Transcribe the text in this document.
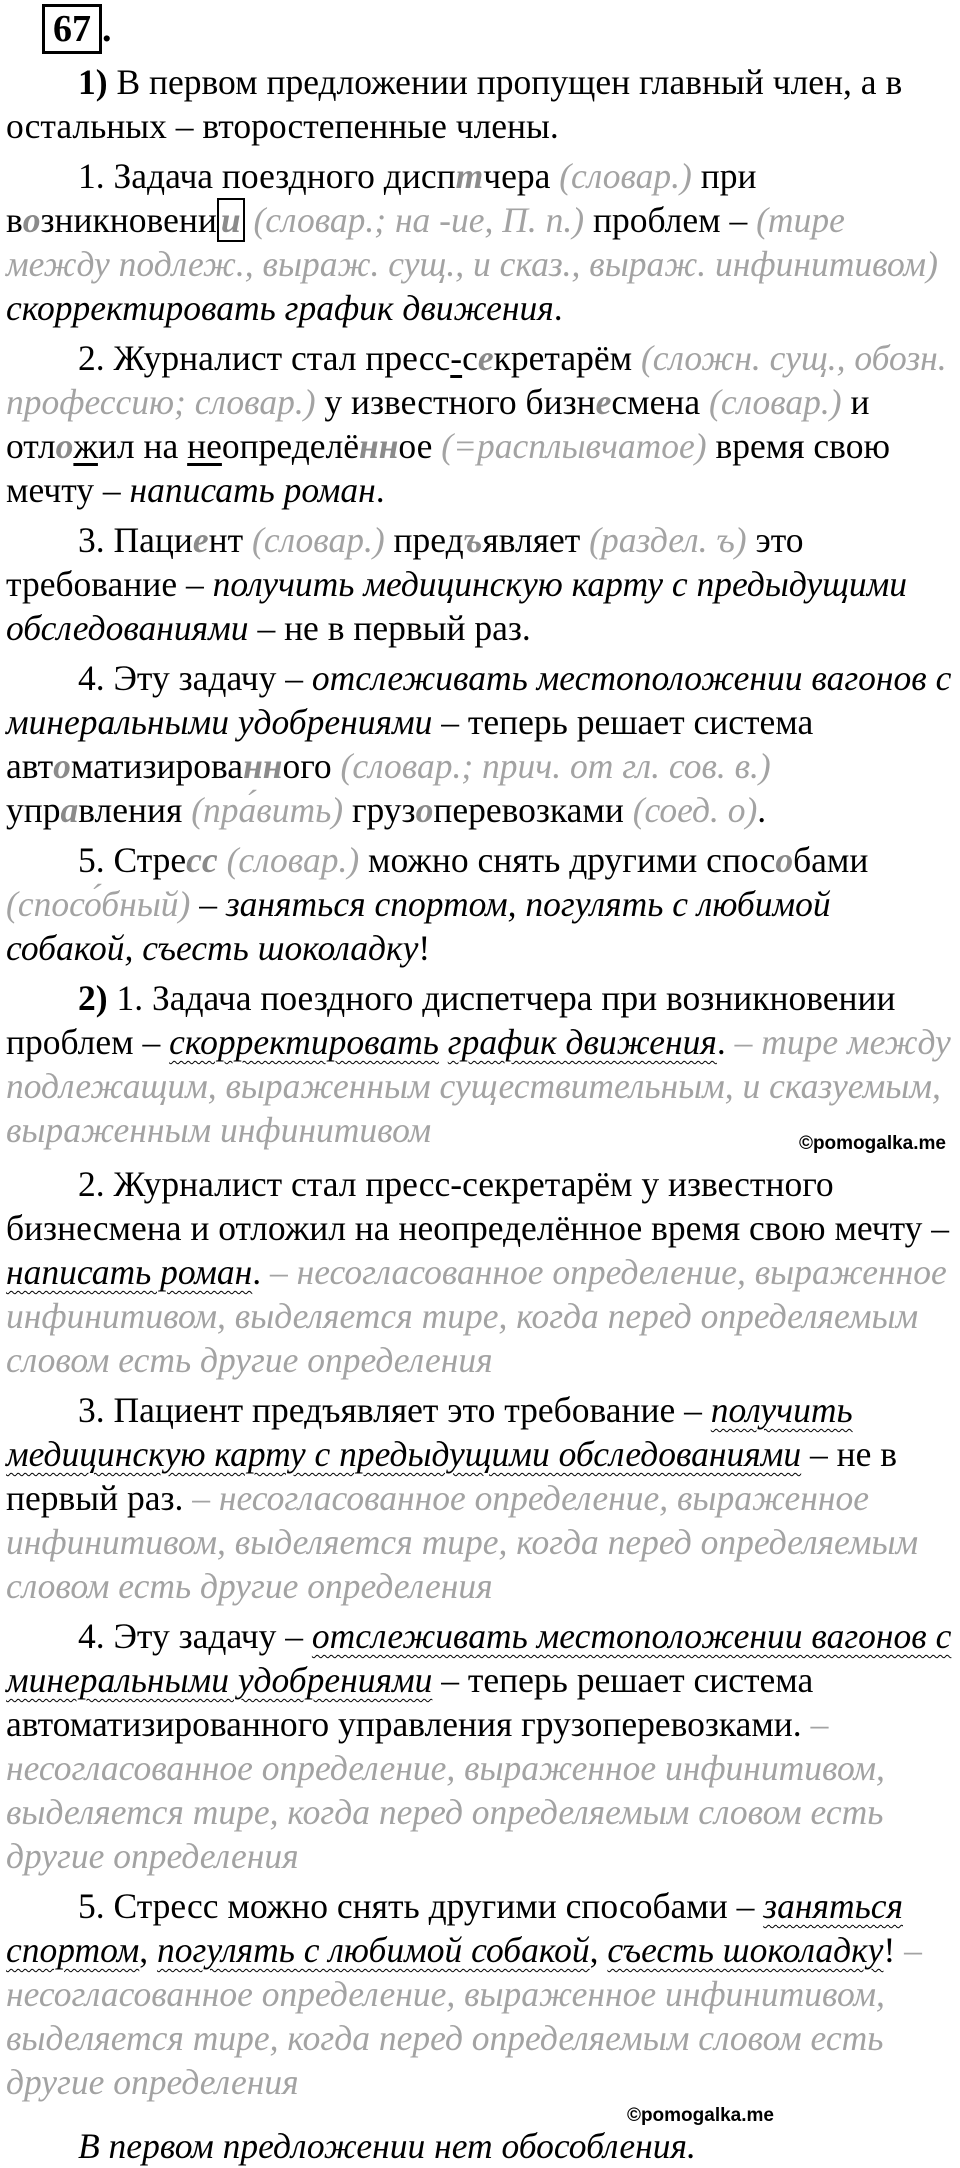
67 .

1) В первом предложении пропущен главный член, а в остальных – второстепенные члены.

1. Задача поездного дисптчера (словар.) при возникновени и (словар.; на -ие, П. п.) проблем – (тире между подлеж., выраж. сущ., и сказ., выраж. инфинитивом) скорректировать график движения.

2. Журналист стал пресс-секретарём (сложн. сущ., обозн. профессию; словар.) у известного бизнесмена (словар.) и отложил на неопределённое (=расплывчатое) время свою мечту – написать роман.

3. Пациент (словар.) предъявляет (раздел. ъ) это требование – получить медицинскую карту с предыдущими обследованиями – не в первый раз.

4. Эту задачу – отслеживать местоположении вагонов с минеральными удобрениями – теперь решает система автоматизированного (словар.; прич. от гл. сов. в.) управления (пра́вить) грузоперевозками (соед. о).

5. Стресс (словар.) можно снять другими способами (спосо́бный) – заняться спортом, погулять с любимой собакой, съесть шоколадку!

2) 1. Задача поездного диспетчера при возникновении проблем – скорректировать график движения. – тире между подлежащим, выраженным существительным, и сказуемым, выраженным инфинитивом	©pomogalka.me

2. Журналист стал пресс-секретарём у известного бизнесмена и отложил на неопределённое время свою мечту – написать роман. – несогласованное определение, выраженное инфинитивом, выделяется тире, когда перед определяемым словом есть другие определения

3. Пациент предъявляет это требование – получить медицинскую карту с предыдущими обследованиями – не в первый раз. – несогласованное определение, выраженное инфинитивом, выделяется тире, когда перед определяемым словом есть другие определения

4. Эту задачу – отслеживать местоположении вагонов с минеральными удобрениями – теперь решает система автоматизированного управления грузоперевозками. – несогласованное определение, выраженное инфинитивом, выделяется тире, когда перед определяемым словом есть другие определения

5. Стресс можно снять другими способами – заняться спортом, погулять с любимой собакой, съесть шоколадку! – несогласованное определение, выраженное инфинитивом, выделяется тире, когда перед определяемым словом есть другие определения

©pomogalka.me

В первом предложении нет обособления.
